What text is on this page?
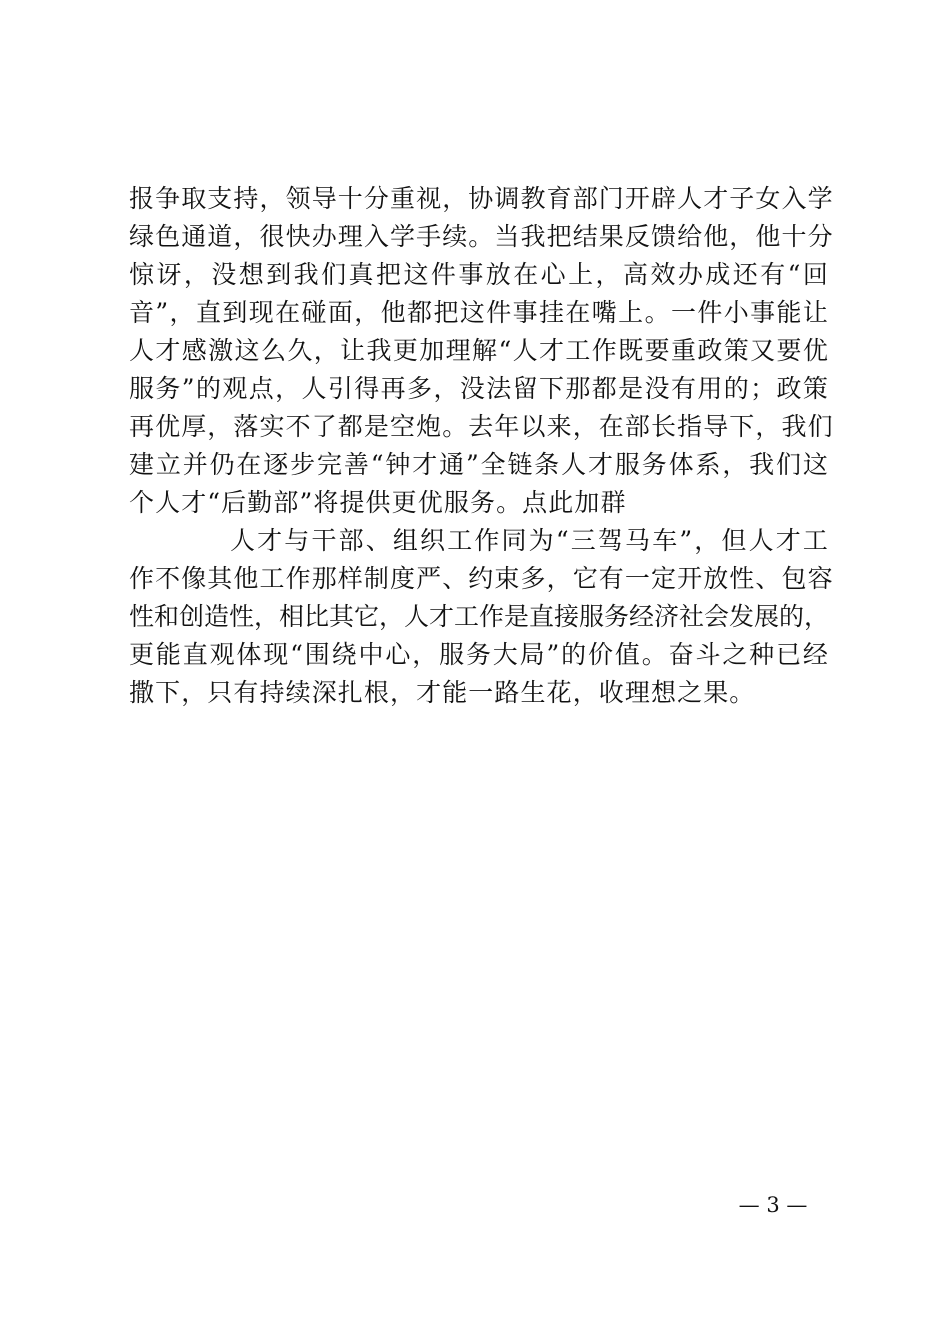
报争取支持，领导十分重视，协调教育部门开辟人才子女入学
绿色通道，很快办理入学手续。当我把结果反馈给他，他十分
惊讶，没想到我们真把这件事放在心上，高效办成还有“回
音”，直到现在碰面，他都把这件事挂在嘴上。一件小事能让
人才感激这么久，让我更加理解“人才工作既要重政策又要优
服务”的观点，人引得再多，没法留下那都是没有用的；政策
再优厚，落实不了都是空炮。去年以来，在部长指导下，我们
建立并仍在逐步完善“钟才通”全链条人才服务体系，我们这
个人才“后勤部”将提供更优服务。点此加群
人才与干部、组织工作同为“三驾马车”，但人才工
作不像其他工作那样制度严、约束多，它有一定开放性、包容
性和创造性，相比其它，人才工作是直接服务经济社会发展的，
更能直观体现“围绕中心，服务大局”的价值。奋斗之种已经
撒下，只有持续深扎根，才能一路生花，收理想之果。
— 3 —
